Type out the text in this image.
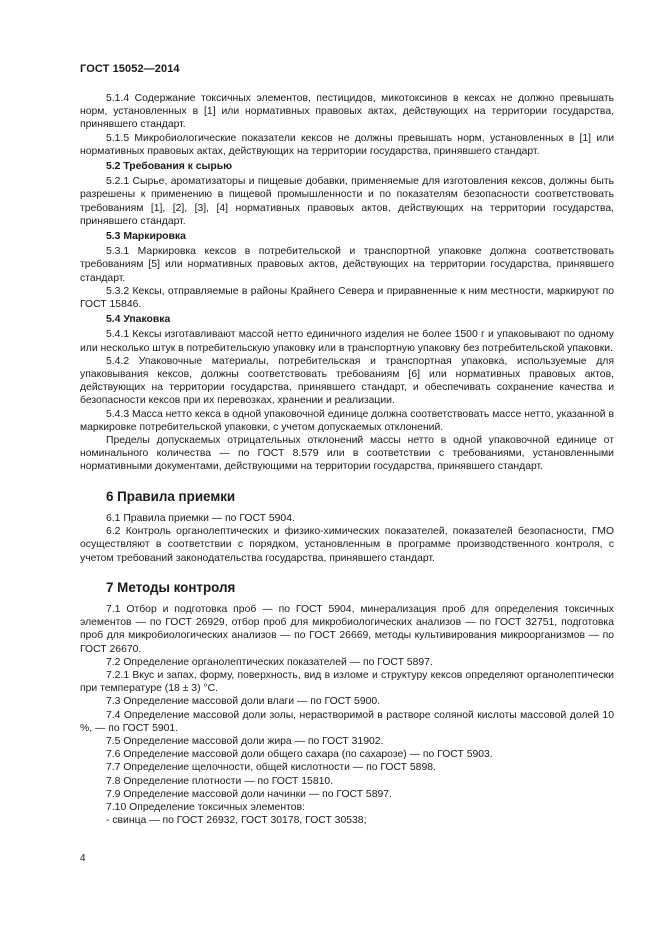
ГОСТ 15052—2014

5.1.4 Содержание токсичных элементов, пестицидов, микотоксинов в кексах не должно превышать норм, установленных в [1] или нормативных правовых актах, действующих на территории государства, принявшего стандарт.

5.1.5 Микробиологические показатели кексов не должны превышать норм, установленных в [1] или нормативных правовых актах, действующих на территории государства, принявшего стандарт.

5.2 Требования к сырью

5.2.1 Сырье, ароматизаторы и пищевые добавки, применяемые для изготовления кексов, должны быть разрешены к применению в пищевой промышленности и по показателям безопасности соответствовать требованиям [1], [2], [3], [4] нормативных правовых актов, действующих на территории государства, принявшего стандарт.

5.3 Маркировка

5.3.1 Маркировка кексов в потребительской и транспортной упаковке должна соответствовать требованиям [5] или нормативных правовых актов, действующих на территории государства, принявшего стандарт.

5.3.2 Кексы, отправляемые в районы Крайнего Севера и приравненные к ним местности, маркируют по ГОСТ 15846.

5.4 Упаковка

5.4.1 Кексы изготавливают массой нетто единичного изделия не более 1500 г и упаковывают по одному или несколько штук в потребительскую упаковку или в транспортную упаковку без потребительской упаковки.

5.4.2 Упаковочные материалы, потребительская и транспортная упаковка, используемые для упаковывания кексов, должны соответствовать требованиям [6] или нормативных правовых актов, действующих на территории государства, принявшего стандарт, и обеспечивать сохранение качества и безопасности кексов при их перевозках, хранении и реализации.

5.4.3 Масса нетто кекса в одной упаковочной единице должна соответствовать массе нетто, указанной в маркировке потребительской упаковки, с учетом допускаемых отклонений.

Пределы допускаемых отрицательных отклонений массы нетто в одной упаковочной единице от номинального количества — по ГОСТ 8.579 или в соответствии с требованиями, установленными нормативными документами, действующими на территории государства, принявшего стандарт.

6 Правила приемки

6.1 Правила приемки — по ГОСТ 5904.

6.2 Контроль органолептических и физико-химических показателей, показателей безопасности, ГМО осуществляют в соответствии с порядком, установленным в программе производственного контроля, с учетом требований законодательства государства, принявшего стандарт.

7 Методы контроля

7.1 Отбор и подготовка проб — по ГОСТ 5904, минерализация проб для определения токсичных элементов — по ГОСТ 26929, отбор проб для микробиологических анализов — по ГОСТ 32751, подготовка проб для микробиологических анализов — по ГОСТ 26669, методы культивирования микроорганизмов — по ГОСТ 26670.

7.2 Определение органолептических показателей — по ГОСТ 5897.

7.2.1 Вкус и запах, форму, поверхность, вид в изломе и структуру кексов определяют органолептически при температуре (18 ± 3) °С.

7.3 Определение массовой доли влаги — по ГОСТ 5900.

7.4 Определение массовой доли золы, нерастворимой в растворе соляной кислоты массовой долей 10 %, — по ГОСТ 5901.

7.5 Определение массовой доли жира — по ГОСТ 31902.

7.6 Определение массовой доли общего сахара (по сахарозе) — по ГОСТ 5903.

7.7 Определение щелочности, общей кислотности — по ГОСТ 5898.

7.8 Определение плотности — по ГОСТ 15810.

7.9 Определение массовой доли начинки — по ГОСТ 5897.

7.10 Определение токсичных элементов:

- свинца — по ГОСТ 26932, ГОСТ 30178, ГОСТ 30538;

4
